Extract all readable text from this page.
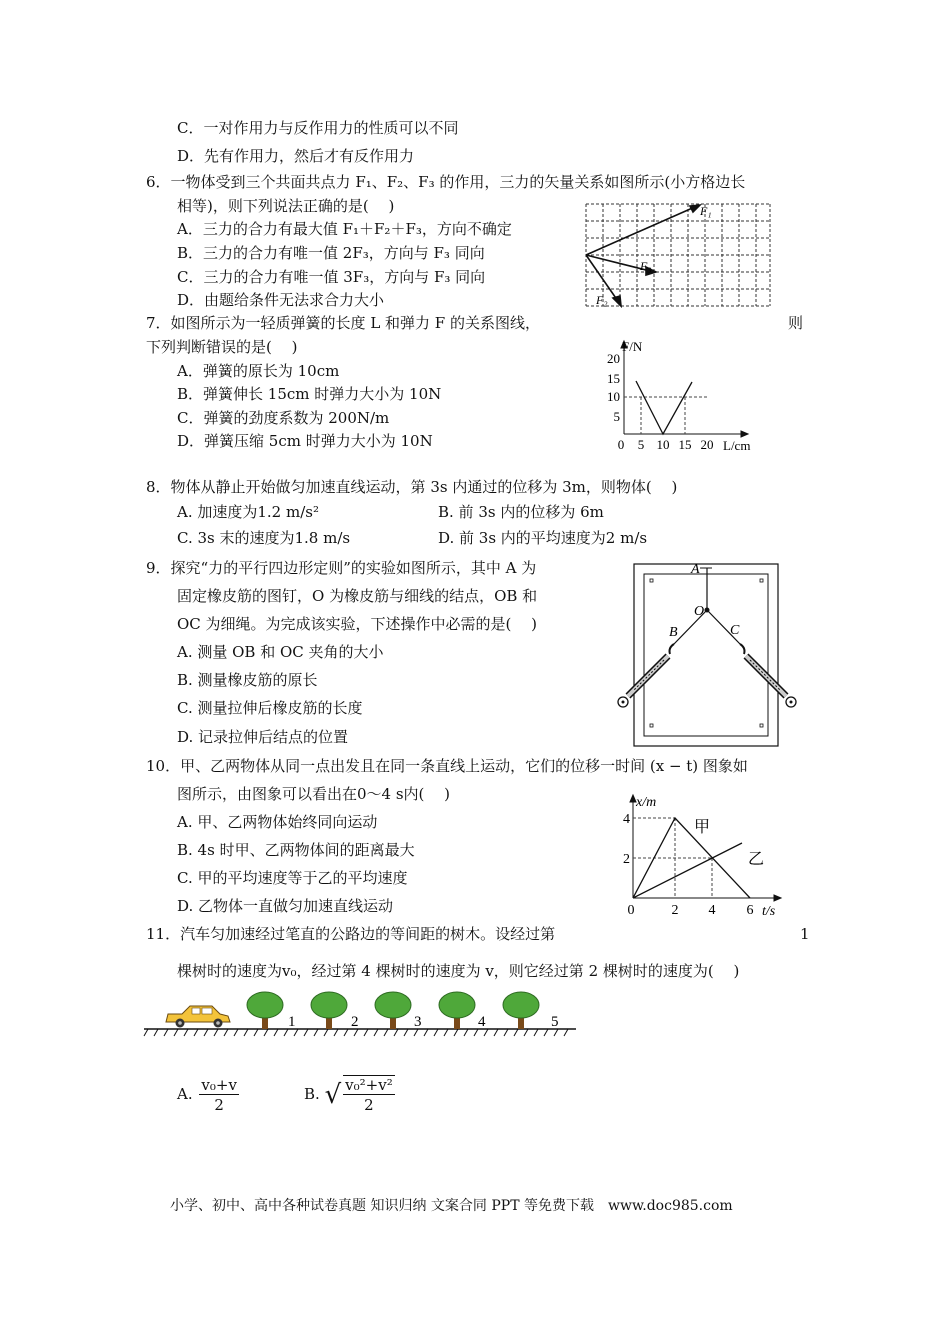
C．一对作用力与反作用力的性质可以不同
D．先有作用力，然后才有反作用力
6．一物体受到三个共面共点力 F₁、F₂、F₃ 的作用，三力的矢量关系如图所示(小方格边长
相等)，则下列说法正确的是(　 )
A．三力的合力有最大值 F₁＋F₂＋F₃，方向不确定
B．三力的合力有唯一值 2F₃，方向与 F₃ 同向
C．三力的合力有唯一值 3F₃，方向与 F₃ 同向
D．由题给条件无法求合力大小
F₁
F₃
F₂
7．如图所示为一轻质弹簧的长度 L 和弹力 F 的关系图线，	则
下列判断错误的是(　 )
A．弹簧的原长为 10cm
B．弹簧伸长 15cm 时弹力大小为 10N
C．弹簧的劲度系数为 200N/m
D．弹簧压缩 5cm 时弹力大小为 10N
F/N
L/cm
20
15
10
5
0 5 10 15 20
8．物体从静止开始做匀加速直线运动，第 3s 内通过的位移为 3m，则物体(　 )
A. 加速度为1.2 m/s²	B. 前 3s 内的位移为 6m
C. 3s 末的速度为1.8 m/s	D. 前 3s 内的平均速度为2 m/s
9．探究“力的平行四边形定则”的实验如图所示，其中 A 为
固定橡皮筋的图钉，O 为橡皮筋与细线的结点，OB 和
OC 为细绳。为完成该实验，下述操作中必需的是(　 )
A. 测量 OB 和 OC 夹角的大小
B. 测量橡皮筋的原长
C. 测量拉伸后橡皮筋的长度
D. 记录拉伸后结点的位置
A
O
B	C
10．甲、乙两物体从同一点出发且在同一条直线上运动，它们的位移一时间 (x − t) 图象如
图所示，由图象可以看出在0～4 s内(　 )
A. 甲、乙两物体始终同向运动
B. 4s 时甲、乙两物体间的距离最大
C. 甲的平均速度等于乙的平均速度
D. 乙物体一直做匀加速直线运动
x/m
t/s
4
2
0	2 4 6
甲
乙
11．汽车匀加速经过笔直的公路边的等间距的树木。设经过第	1
棵树时的速度为v₀，经过第 4 棵树时的速度为 v，则它经过第 2 棵树时的速度为(　 )
1	2	3	4	5
A. $\frac{\text{v₀+v}}{2}$	B. √ $\frac{\text{v₀²+v²}}{2}$
小学、初中、高中各种试卷真题 知识归纳 文案合同 PPT 等免费下载　www.doc985.com
